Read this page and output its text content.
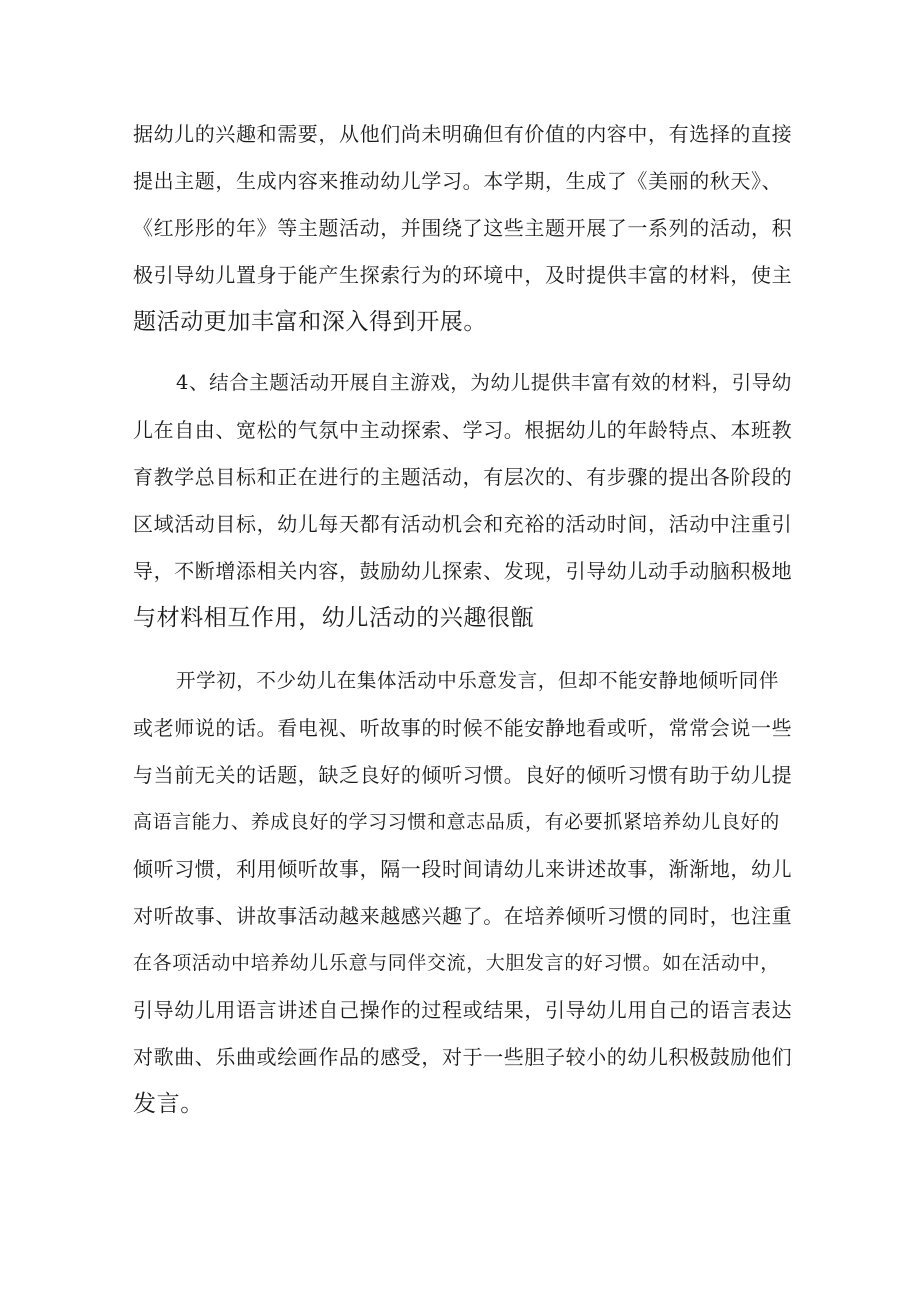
据幼儿的兴趣和需要，从他们尚未明确但有价值的内容中，有选择的直接
提出主题，生成内容来推动幼儿学习。本学期，生成了《美丽的秋天》、
《红彤彤的年》等主题活动，并围绕了这些主题开展了一系列的活动，积
极引导幼儿置身于能产生探索行为的环境中，及时提供丰富的材料，使主
题活动更加丰富和深入得到开展。
4、结合主题活动开展自主游戏，为幼儿提供丰富有效的材料，引导幼
儿在自由、宽松的气氛中主动探索、学习。根据幼儿的年龄特点、本班教
育教学总目标和正在进行的主题活动，有层次的、有步骤的提出各阶段的
区域活动目标，幼儿每天都有活动机会和充裕的活动时间，活动中注重引
导，不断增添相关内容，鼓励幼儿探索、发现，引导幼儿动手动脑积极地
与材料相互作用，幼儿活动的兴趣很甑
开学初，不少幼儿在集体活动中乐意发言，但却不能安静地倾听同伴
或老师说的话。看电视、听故事的时候不能安静地看或听，常常会说一些
与当前无关的话题，缺乏良好的倾听习惯。良好的倾听习惯有助于幼儿提
高语言能力、养成良好的学习习惯和意志品质，有必要抓紧培养幼儿良好的
倾听习惯，利用倾听故事，隔一段时间请幼儿来讲述故事，渐渐地，幼儿
对听故事、讲故事活动越来越感兴趣了。在培养倾听习惯的同时，也注重
在各项活动中培养幼儿乐意与同伴交流，大胆发言的好习惯。如在活动中，
引导幼儿用语言讲述自己操作的过程或结果，引导幼儿用自己的语言表达
对歌曲、乐曲或绘画作品的感受，对于一些胆子较小的幼儿积极鼓励他们
发言。
